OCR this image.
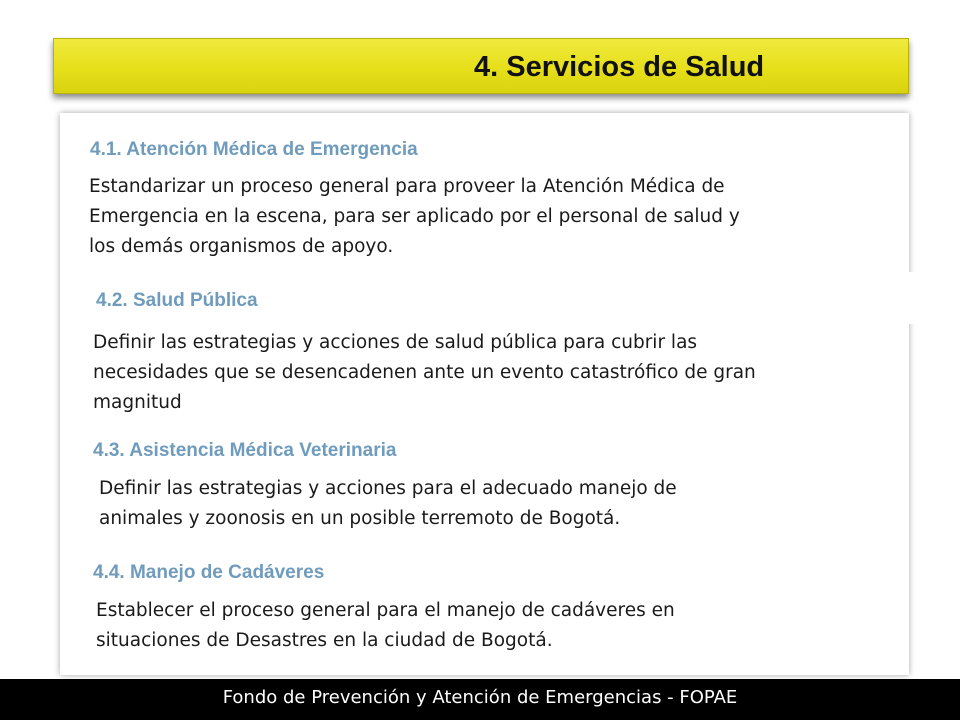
4. Servicios de Salud
4.1. Atención Médica de Emergencia
Estandarizar un proceso general para proveer la Atención Médica de
Emergencia en la escena, para ser aplicado por el personal de salud y
los demás organismos de apoyo.
4.2. Salud Pública
Definir las estrategias y acciones de salud pública para cubrir las
necesidades que se desencadenen ante un evento catastrófico de gran
magnitud
4.3. Asistencia Médica Veterinaria
Definir las estrategias y acciones para el adecuado manejo de
animales y zoonosis en un posible terremoto de Bogotá.
4.4. Manejo de Cadáveres
Establecer el proceso general para el manejo de cadáveres en
situaciones de Desastres en la ciudad de Bogotá.
Fondo de Prevención y Atención de Emergencias - FOPAE
